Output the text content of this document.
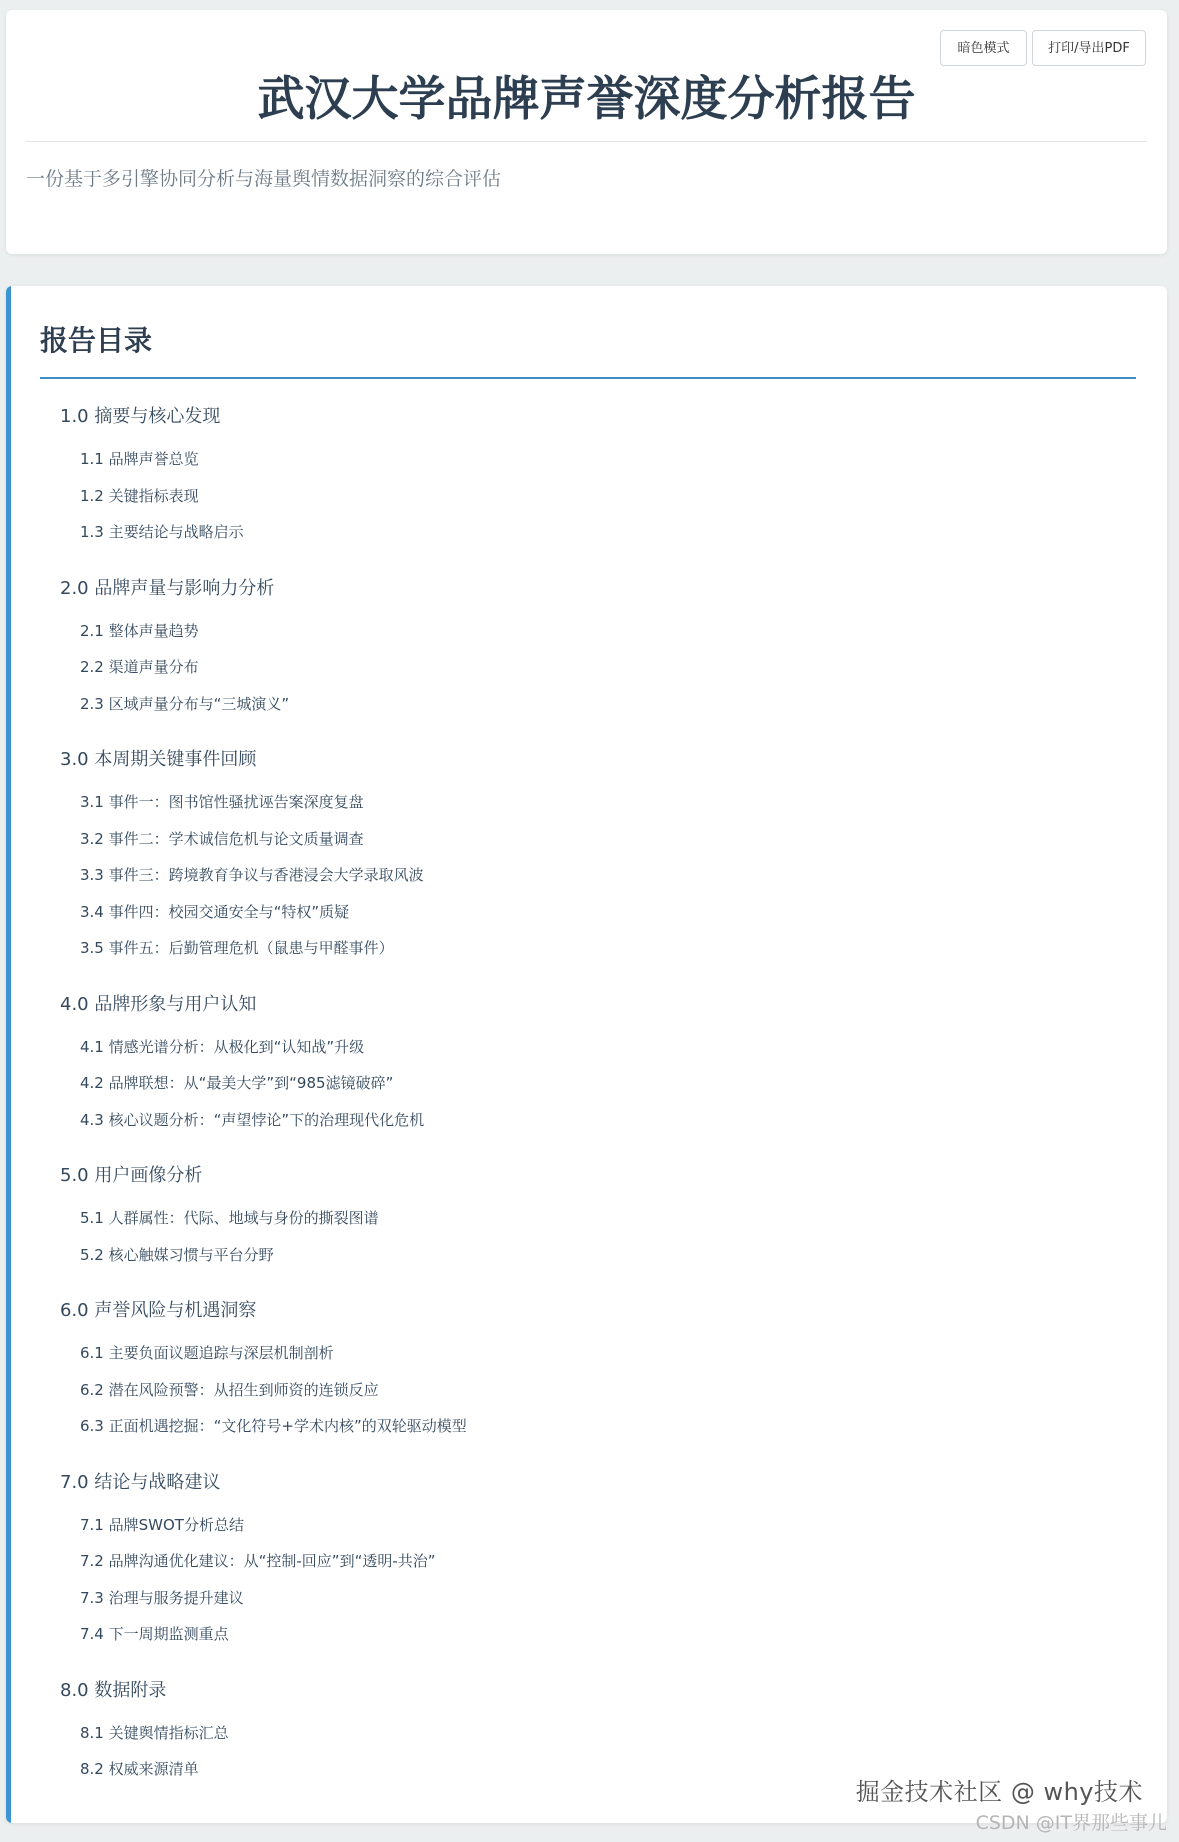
暗色模式	打印/导出PDF
武汉大学品牌声誉深度分析报告

一份基于多引擎协同分析与海量舆情数据洞察的综合评估

报告目录
1.0 摘要与核心发现
1.1 品牌声誉总览
1.2 关键指标表现
1.3 主要结论与战略启示
2.0 品牌声量与影响力分析
2.1 整体声量趋势
2.2 渠道声量分布
2.3 区域声量分布与“三城演义”
3.0 本周期关键事件回顾
3.1 事件一：图书馆性骚扰诬告案深度复盘
3.2 事件二：学术诚信危机与论文质量调查
3.3 事件三：跨境教育争议与香港浸会大学录取风波
3.4 事件四：校园交通安全与“特权”质疑
3.5 事件五：后勤管理危机（鼠患与甲醛事件）
4.0 品牌形象与用户认知
4.1 情感光谱分析：从极化到“认知战”升级
4.2 品牌联想：从“最美大学”到“985滤镜破碎”
4.3 核心议题分析：“声望悖论”下的治理现代化危机
5.0 用户画像分析
5.1 人群属性：代际、地域与身份的撕裂图谱
5.2 核心触媒习惯与平台分野
6.0 声誉风险与机遇洞察
6.1 主要负面议题追踪与深层机制剖析
6.2 潜在风险预警：从招生到师资的连锁反应
6.3 正面机遇挖掘：“文化符号+学术内核”的双轮驱动模型
7.0 结论与战略建议
7.1 品牌SWOT分析总结
7.2 品牌沟通优化建议：从“控制-回应”到“透明-共治”
7.3 治理与服务提升建议
7.4 下一周期监测重点
8.0 数据附录
8.1 关键舆情指标汇总
8.2 权威来源清单
掘金技术社区 @ why技术
CSDN @IT界那些事儿
